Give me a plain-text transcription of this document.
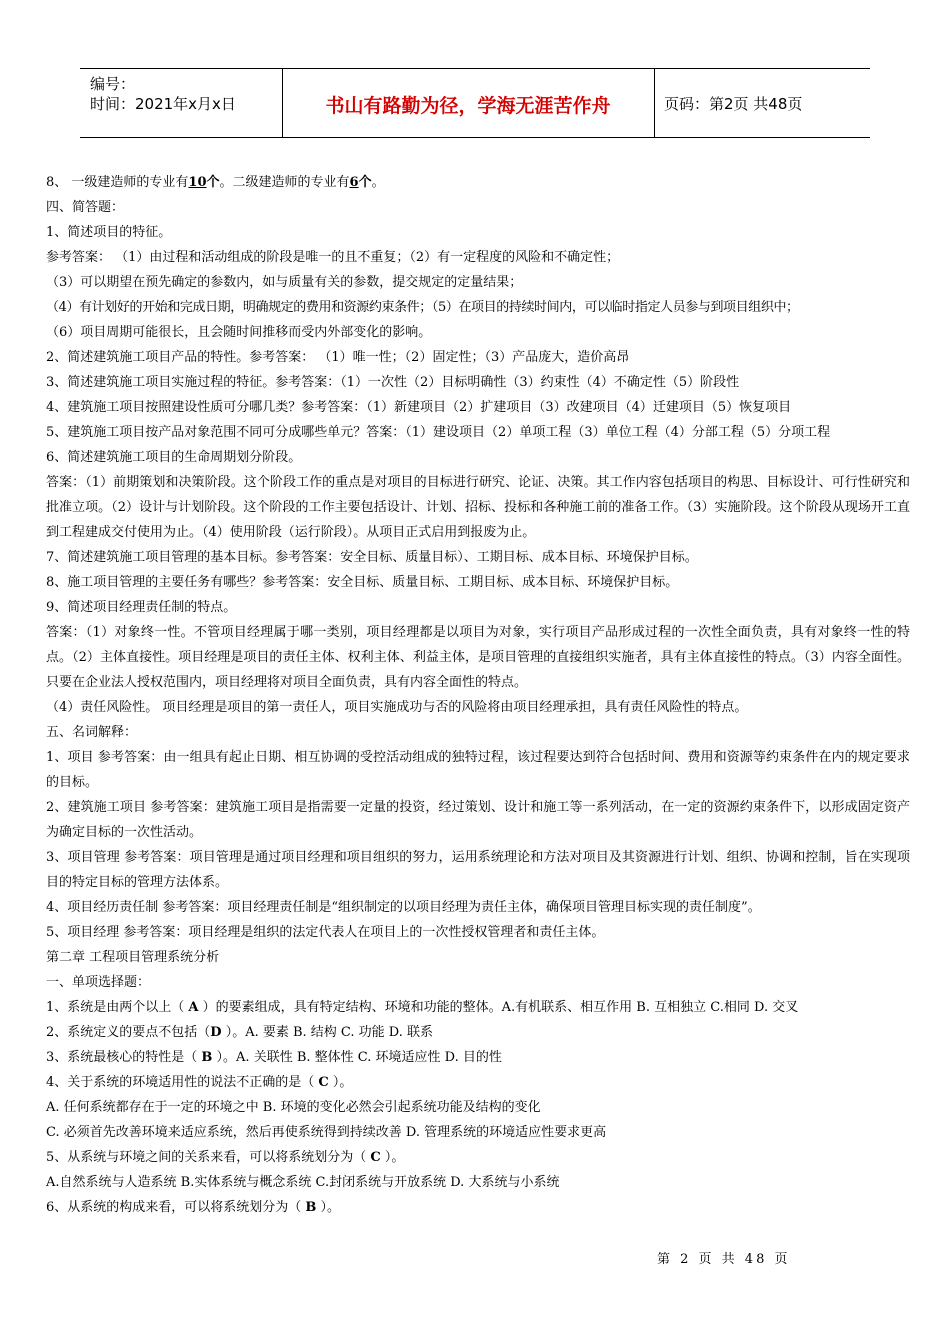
编号：
时间：2021年x月x日	书山有路勤为径，学海无涯苦作舟	页码：第2页 共48页

8、 一级建造师的专业有10个。二级建造师的专业有6个。

四、简答题：

1、简述项目的特征。

参考答案： （1）由过程和活动组成的阶段是唯一的且不重复；（2）有一定程度的风险和不确定性；

（3）可以期望在预先确定的参数内，如与质量有关的参数，提交规定的定量结果；

（4）有计划好的开始和完成日期，明确规定的费用和资源约束条件；（5）在项目的持续时间内，可以临时指定人员参与到项目组织中；

（6）项目周期可能很长，且会随时间推移而受内外部变化的影响。

2、简述建筑施工项目产品的特性。参考答案： （1）唯一性；（2）固定性；（3）产品庞大，造价高昂

3、简述建筑施工项目实施过程的特征。参考答案：（1）一次性（2）目标明确性（3）约束性（4）不确定性（5）阶段性

4、建筑施工项目按照建设性质可分哪几类？参考答案：（1）新建项目（2）扩建项目（3）改建项目（4）迁建项目（5）恢复项目

5、建筑施工项目按产品对象范围不同可分成哪些单元？答案：（1）建设项目（2）单项工程（3）单位工程（4）分部工程（5）分项工程

6、简述建筑施工项目的生命周期划分阶段。

答案：（1）前期策划和决策阶段。这个阶段工作的重点是对项目的目标进行研究、论证、决策。其工作内容包括项目的构思、目标设计、可行性研究和批准立项。（2）设计与计划阶段。这个阶段的工作主要包括设计、计划、招标、投标和各种施工前的准备工作。（3）实施阶段。这个阶段从现场开工直到工程建成交付使用为止。（4）使用阶段（运行阶段）。从项目正式启用到报废为止。

7、简述建筑施工项目管理的基本目标。参考答案：安全目标、质量目标）、工期目标、成本目标、环境保护目标。

8、施工项目管理的主要任务有哪些？参考答案：安全目标、质量目标、工期目标、成本目标、环境保护目标。

9、简述项目经理责任制的特点。

答案：（1）对象终一性。不管项目经理属于哪一类别，项目经理都是以项目为对象，实行项目产品形成过程的一次性全面负责，具有对象终一性的特点。（2）主体直接性。项目经理是项目的责任主体、权利主体、利益主体，是项目管理的直接组织实施者，具有主体直接性的特点。（3）内容全面性。只要在企业法人授权范围内，项目经理将对项目全面负责，具有内容全面性的特点。

（4）责任风险性。 项目经理是项目的第一责任人，项目实施成功与否的风险将由项目经理承担，具有责任风险性的特点。

五、名词解释：

1、项目 参考答案：由一组具有起止日期、相互协调的受控活动组成的独特过程，该过程要达到符合包括时间、费用和资源等约束条件在内的规定要求的目标。

2、建筑施工项目 参考答案：建筑施工项目是指需要一定量的投资，经过策划、设计和施工等一系列活动，在一定的资源约束条件下，以形成固定资产为确定目标的一次性活动。

3、项目管理 参考答案：项目管理是通过项目经理和项目组织的努力，运用系统理论和方法对项目及其资源进行计划、组织、协调和控制，旨在实现项目的特定目标的管理方法体系。

4、项目经历责任制 参考答案：项目经理责任制是“组织制定的以项目经理为责任主体，确保项目管理目标实现的责任制度”。

5、项目经理 参考答案：项目经理是组织的法定代表人在项目上的一次性授权管理者和责任主体。

第二章 工程项目管理系统分析

一、单项选择题：

1、系统是由两个以上（ A ）的要素组成，具有特定结构、环境和功能的整体。A.有机联系、相互作用 B. 互相独立 C.相同 D. 交叉

2、系统定义的要点不包括（D ）。A. 要素 B. 结构 C. 功能 D. 联系

3、系统最核心的特性是（ B ）。A. 关联性 B. 整体性 C. 环境适应性 D. 目的性

4、关于系统的环境适用性的说法不正确的是（ C ）。

A. 任何系统都存在于一定的环境之中 B. 环境的变化必然会引起系统功能及结构的变化

C. 必须首先改善环境来适应系统，然后再使系统得到持续改善 D. 管理系统的环境适应性要求更高

5、从系统与环境之间的关系来看，可以将系统划分为（ C ）。

A.自然系统与人造系统 B.实体系统与概念系统 C.封闭系统与开放系统 D. 大系统与小系统

6、从系统的构成来看，可以将系统划分为（ B ）。

第 2 页 共 48 页
